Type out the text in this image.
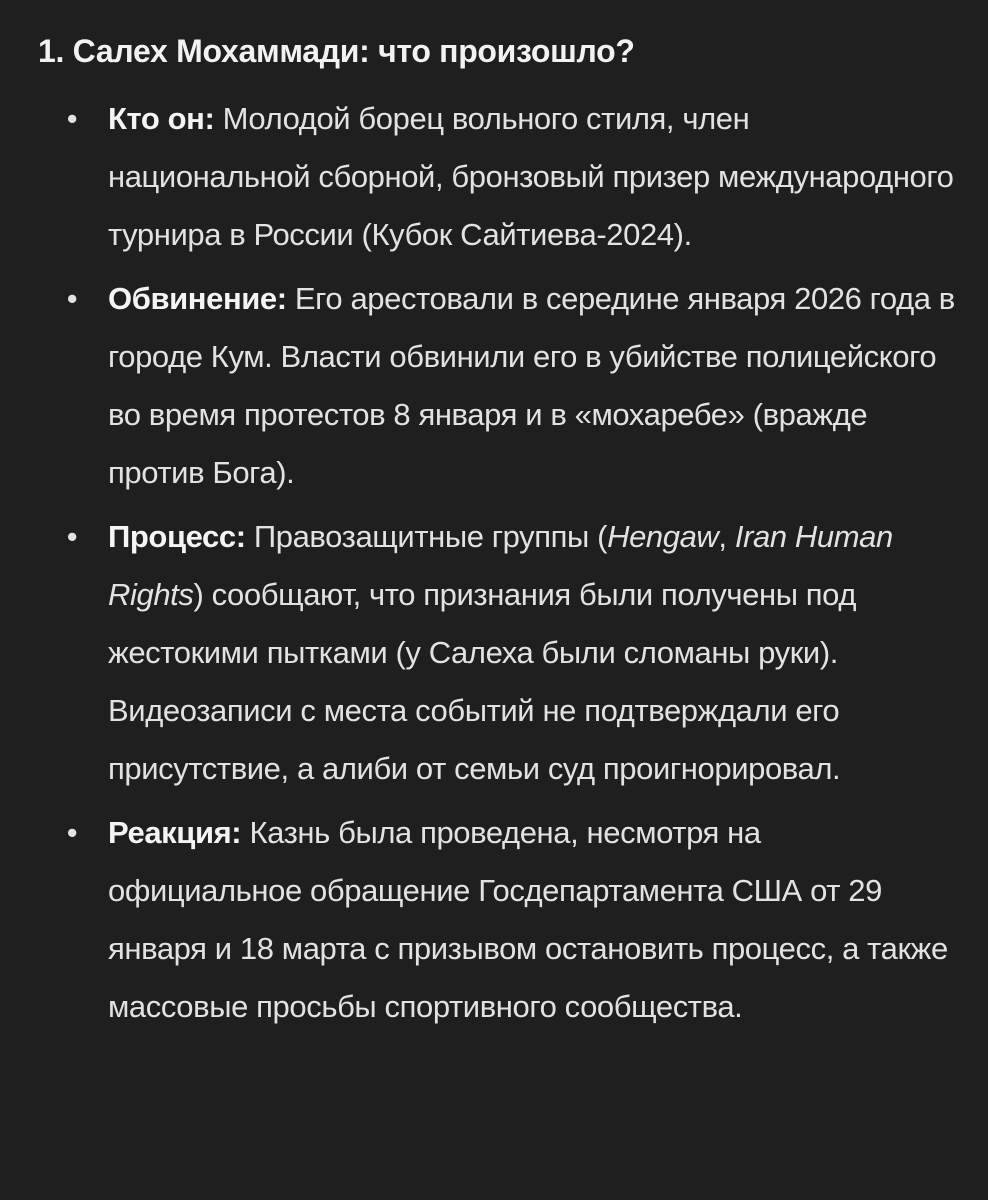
1. Салех Мохаммади: что произошло?
• Кто он: Молодой борец вольного стиля, член национальной сборной, бронзовый призер международного турнира в России (Кубок Сайтиева-2024).
• Обвинение: Его арестовали в середине января 2026 года в городе Кум. Власти обвинили его в убийстве полицейского во время протестов 8 января и в «мохаребе» (вражде против Бога).
• Процесс: Правозащитные группы (Hengaw, Iran Human Rights) сообщают, что признания были получены под жестокими пытками (у Салеха были сломаны руки). Видеозаписи с места событий не подтверждали его присутствие, а алиби от семьи суд проигнорировал.
• Реакция: Казнь была проведена, несмотря на официальное обращение Госдепартамента США от 29 января и 18 марта с призывом остановить процесс, а также массовые просьбы спортивного сообщества.
